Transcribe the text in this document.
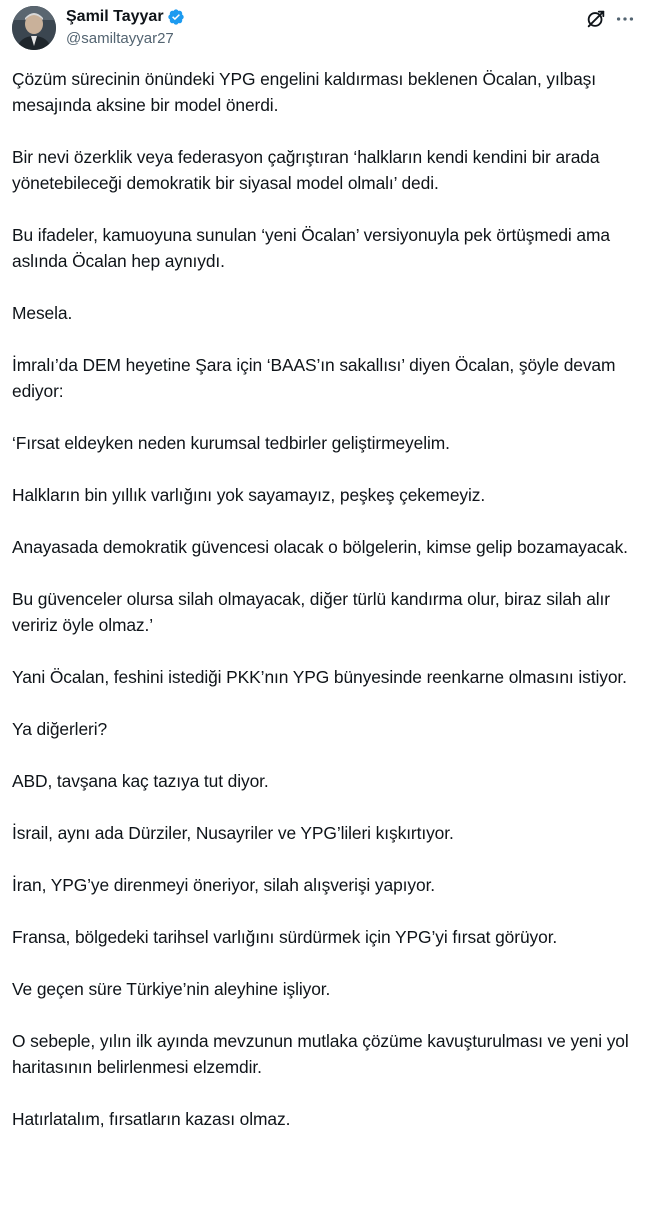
Şamil Tayyar
@samiltayyar27

Çözüm sürecinin önündeki YPG engelini kaldırması beklenen Öcalan, yılbaşı mesajında aksine bir model önerdi.

Bir nevi özerklik veya federasyon çağrıştıran ‘halkların kendi kendini bir arada yönetebileceği demokratik bir siyasal model olmalı’ dedi.

Bu ifadeler, kamuoyuna sunulan ‘yeni Öcalan’ versiyonuyla pek örtüşmedi ama aslında Öcalan hep aynıydı.

Mesela.

İmralı’da DEM heyetine Şara için ‘BAAS’ın sakallısı’ diyen Öcalan, şöyle devam ediyor:

‘Fırsat eldeyken neden kurumsal tedbirler geliştirmeyelim.

Halkların bin yıllık varlığını yok sayamayız, peşkeş çekemeyiz.

Anayasada demokratik güvencesi olacak o bölgelerin, kimse gelip bozamayacak.

Bu güvenceler olursa silah olmayacak, diğer türlü kandırma olur, biraz silah alır veririz öyle olmaz.’

Yani Öcalan, feshini istediği PKK’nın YPG bünyesinde reenkarne olmasını istiyor.

Ya diğerleri?

ABD, tavşana kaç tazıya tut diyor.

İsrail, aynı ada Dürziler, Nusayriler ve YPG’lileri kışkırtıyor.

İran, YPG’ye direnmeyi öneriyor, silah alışverişi yapıyor.

Fransa, bölgedeki tarihsel varlığını sürdürmek için YPG’yi fırsat görüyor.

Ve geçen süre Türkiye’nin aleyhine işliyor.

O sebeple, yılın ilk ayında mevzunun mutlaka çözüme kavuşturulması ve yeni yol haritasının belirlenmesi elzemdir.

Hatırlatalım, fırsatların kazası olmaz.
